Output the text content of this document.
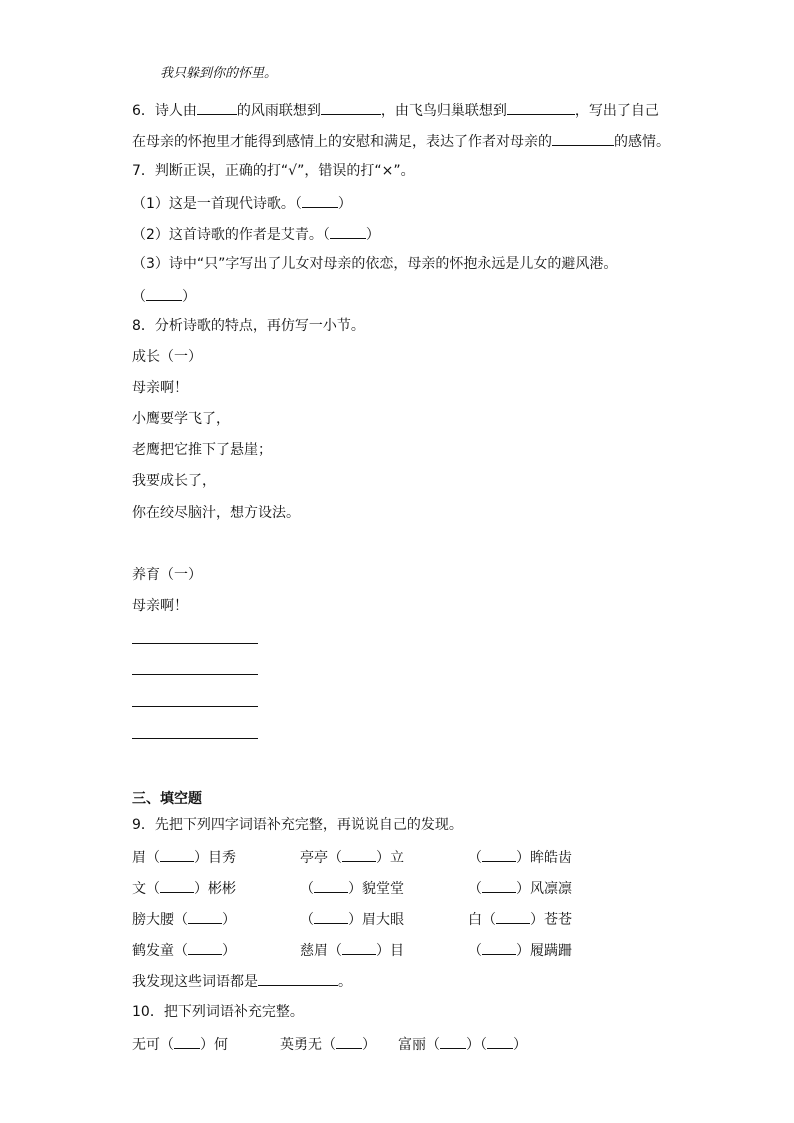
我只躲到你的怀里。
6．诗人由	的风雨联想到	，由飞鸟归巢联想到	，写出了自己
在母亲的怀抱里才能得到感情上的安慰和满足，表达了作者对母亲的	的感情。
7．判断正误，正确的打“√”，错误的打“×”。
（1）这是一首现代诗歌。（	）
（2）这首诗歌的作者是艾青。（	）
（3）诗中“只”字写出了儿女对母亲的依恋，母亲的怀抱永远是儿女的避风港。
（	）
8．分析诗歌的特点，再仿写一小节。
成长（一）
母亲啊！
小鹰要学飞了，
老鹰把它推下了悬崖；
我要成长了，
你在绞尽脑汁，想方设法。
养育（一）
母亲啊！
三、填空题
9．先把下列四字词语补充完整，再说说自己的发现。
眉（ ）目秀	亭亭（ ）立	（ ）眸皓齿
文（ ）彬彬	（ ）貌堂堂	（ ）风凛凛
膀大腰（ ）	（ ）眉大眼	白（ ）苍苍
鹤发童（ ）	慈眉（ ）目	（ ）履蹒跚
我发现这些词语都是	。
10．把下列词语补充完整。
无可（ ）何	英勇无（ ） 富丽（ ）（ ）
